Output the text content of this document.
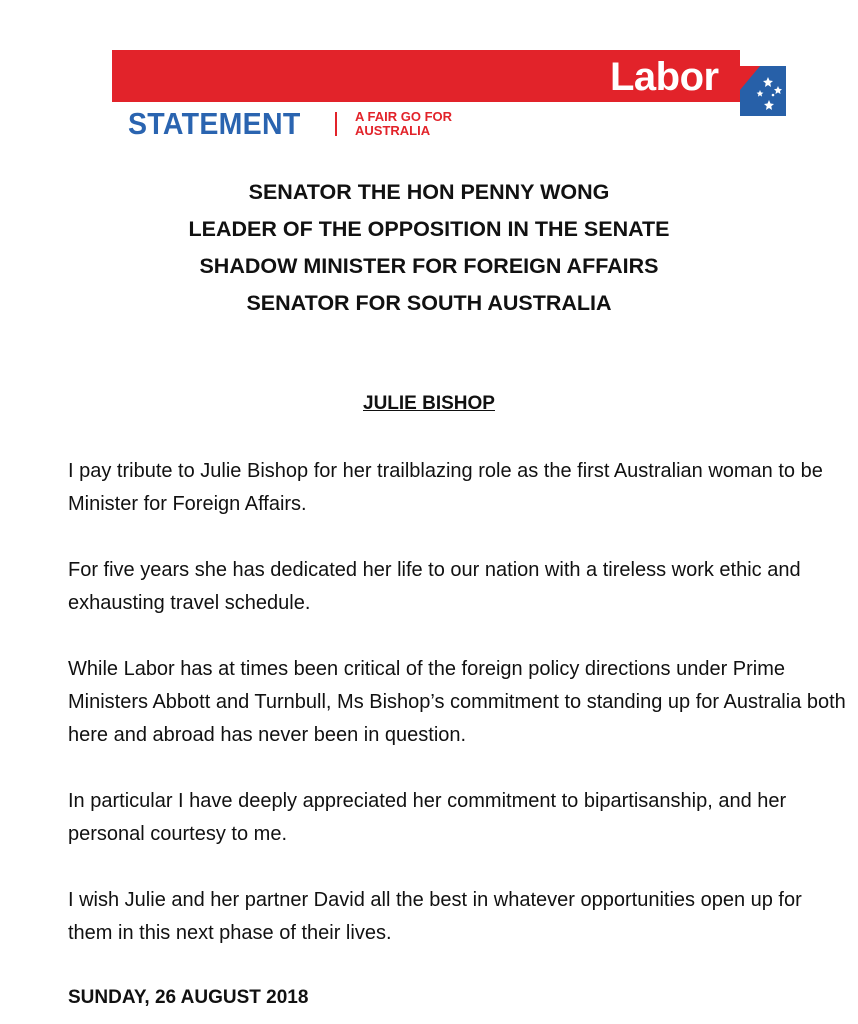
Labor
STATEMENT	A FAIR GO FOR
AUSTRALIA
SENATOR THE HON PENNY WONG
LEADER OF THE OPPOSITION IN THE SENATE
SHADOW MINISTER FOR FOREIGN AFFAIRS
SENATOR FOR SOUTH AUSTRALIA
JULIE BISHOP

I pay tribute to Julie Bishop for her trailblazing role as the first Australian woman to be Minister for Foreign Affairs.

For five years she has dedicated her life to our nation with a tireless work ethic and exhausting travel schedule.

While Labor has at times been critical of the foreign policy directions under Prime Ministers Abbott and Turnbull, Ms Bishop’s commitment to standing up for Australia both here and abroad has never been in question.

In particular I have deeply appreciated her commitment to bipartisanship, and her personal courtesy to me.

I wish Julie and her partner David all the best in whatever opportunities open up for them in this next phase of their lives.

SUNDAY, 26 AUGUST 2018
